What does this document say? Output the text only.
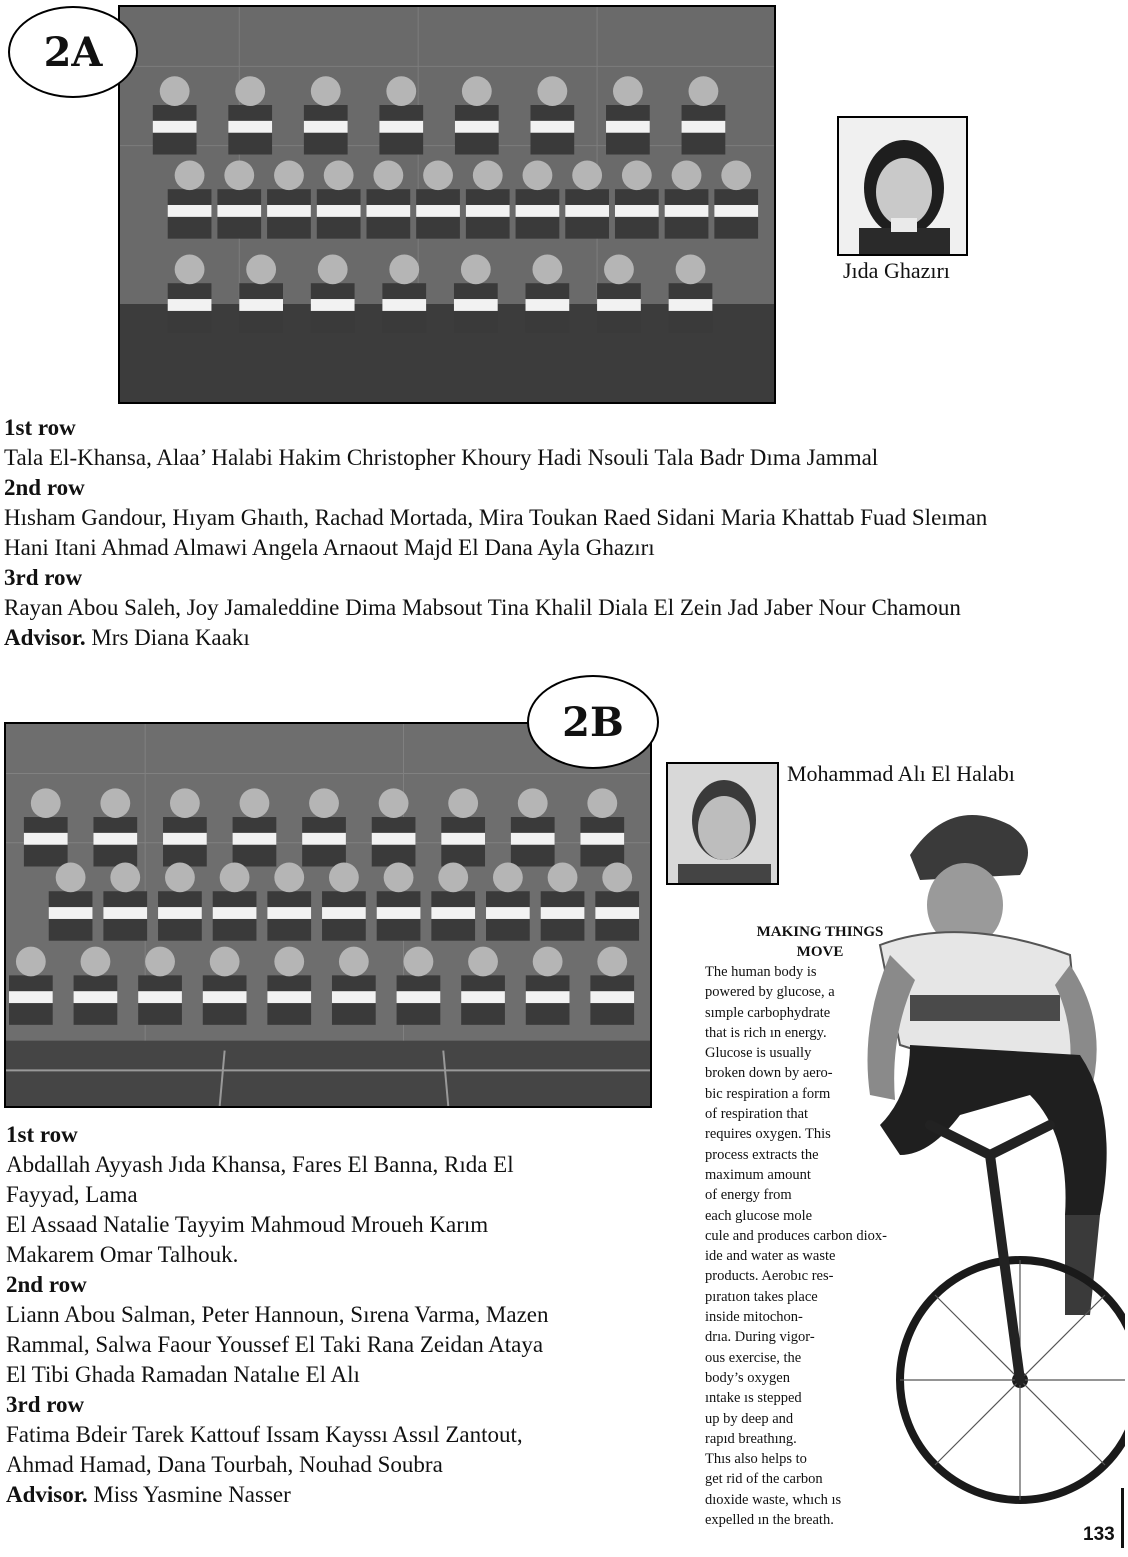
2A
Jıda Ghazırı
1st row
Tala El-Khansa, Alaa’ Halabi Hakim Christopher Khoury Hadi Nsouli Tala Badr Dıma Jammal
2nd row
Hısham Gandour, Hıyam Ghaıth, Rachad Mortada, Mira Toukan Raed Sidani Maria Khattab Fuad Sleıman
Hani Itani Ahmad Almawi Angela Arnaout Majd El Dana Ayla Ghazırı
3rd row
Rayan Abou Saleh, Joy Jamaleddine Dima Mabsout Tina Khalil Diala El Zein Jad Jaber Nour Chamoun
Advisor. Mrs Diana Kaakı
2B
Mohammad Alı El Halabı
1st row
Abdallah Ayyash Jıda Khansa, Fares El Banna, Rıda El
Fayyad, Lama
El Assaad Natalie Tayyim Mahmoud Mroueh Karım
Makarem Omar Talhouk.
2nd row
Liann Abou Salman, Peter Hannoun, Sırena Varma, Mazen
Rammal, Salwa Faour Youssef El Taki Rana Zeidan Ataya
El Tibi Ghada Ramadan Natalıe El Alı
3rd row
Fatima Bdeir Tarek Kattouf Issam Kayssı Assıl Zantout,
Ahmad Hamad, Dana Tourbah, Nouhad Soubra
Advisor. Miss Yasmine Nasser
MAKING THINGS
MOVE
The human body is
powered by glucose, a
sımple carbophydrate
that is rich ın energy.
Glucose is usually
broken down by aero-
bic respiration a form
of respiration that
requires oxygen. This
process extracts the
maximum amount
of energy from
each glucose mole
cule and produces carbon diox-
ide and water as waste
products. Aerobıc res-
pıratıon takes place
inside mitochon-
drıa. During vigor-
ous exercise, the
body’s oxygen
ıntake ıs stepped
up by deep and
rapıd breathıng.
Thıs also helps to
get rid of the carbon
dıoxide waste, whıch ıs
expelled ın the breath.
133
